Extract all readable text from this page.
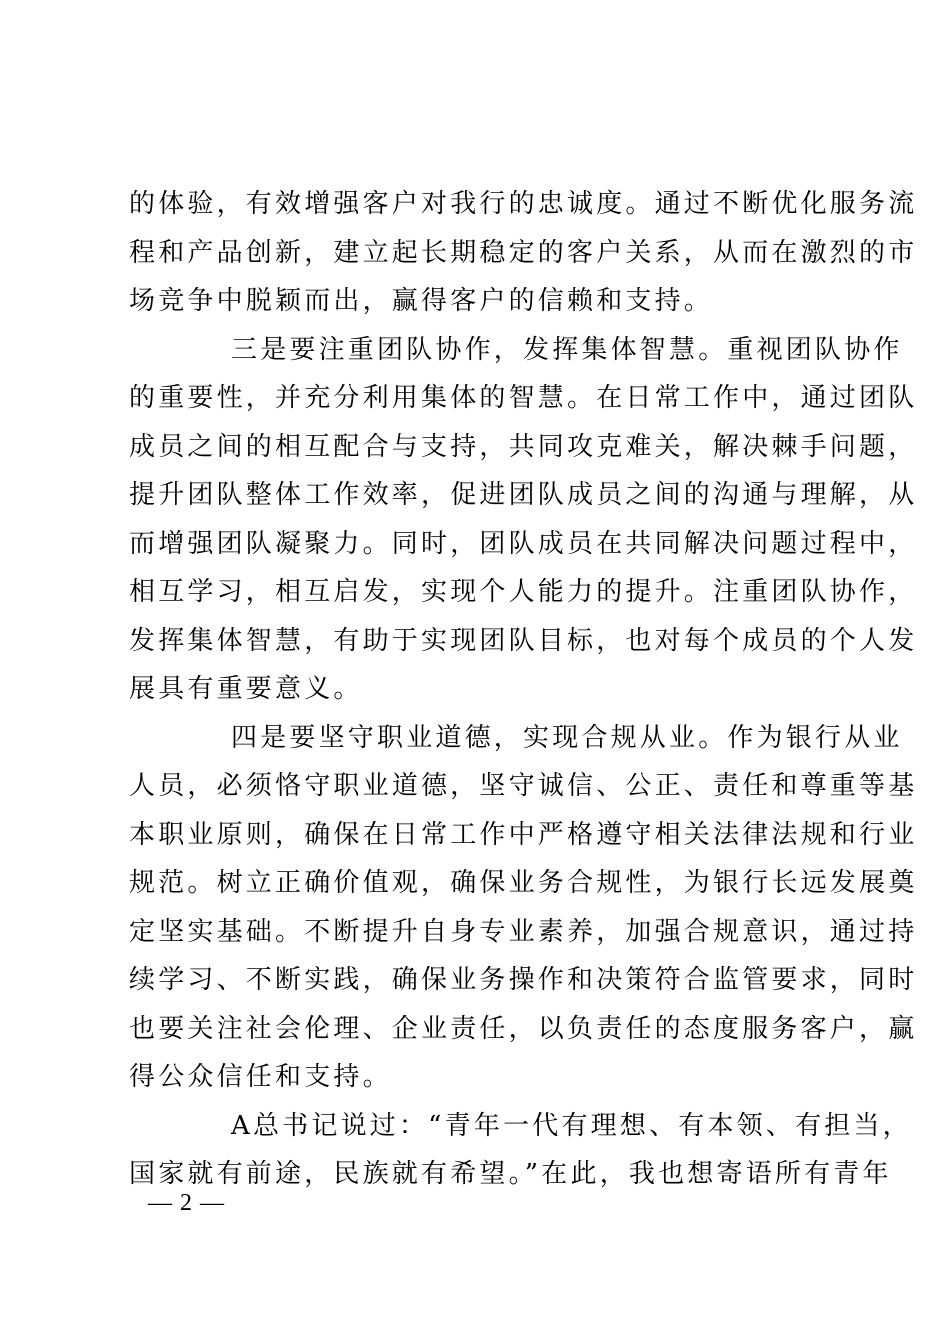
的体验，有效增强客户对我行的忠诚度。通过不断优化服务流
程和产品创新，建立起长期稳定的客户关系，从而在激烈的市
场竞争中脱颖而出，赢得客户的信赖和支持。
三是要注重团队协作，发挥集体智慧。重视团队协作
的重要性，并充分利用集体的智慧。在日常工作中，通过团队
成员之间的相互配合与支持，共同攻克难关，解决棘手问题，
提升团队整体工作效率，促进团队成员之间的沟通与理解，从
而增强团队凝聚力。同时，团队成员在共同解决问题过程中，
相互学习，相互启发，实现个人能力的提升。注重团队协作，
发挥集体智慧，有助于实现团队目标，也对每个成员的个人发
展具有重要意义。
四是要坚守职业道德，实现合规从业。作为银行从业
人员，必须恪守职业道德，坚守诚信、公正、责任和尊重等基
本职业原则，确保在日常工作中严格遵守相关法律法规和行业
规范。树立正确价值观，确保业务合规性，为银行长远发展奠
定坚实基础。不断提升自身专业素养，加强合规意识，通过持
续学习、不断实践，确保业务操作和决策符合监管要求，同时
也要关注社会伦理、企业责任，以负责任的态度服务客户，赢
得公众信任和支持。
A总书记说过：“青年一代有理想、有本领、有担当，
国家就有前途，民族就有希望。”在此，我也想寄语所有青年
— 2 —
